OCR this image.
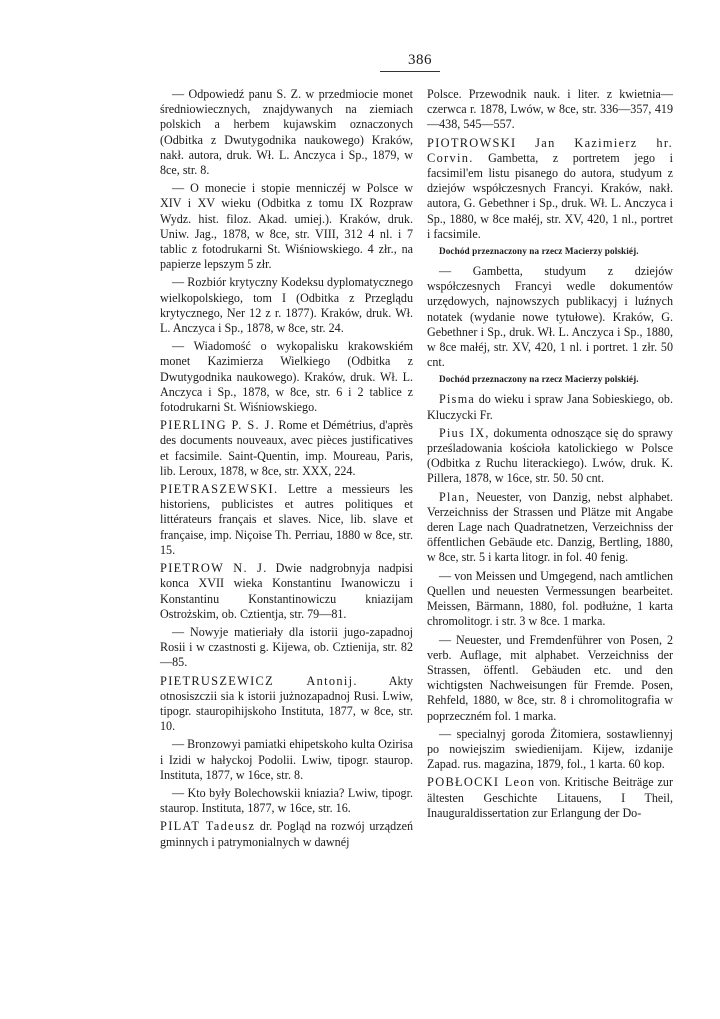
386

— Odpowiedź panu S. Z. w przedmiocie monet średniowiecznych, znajdywanych na ziemiach polskich a herbem kujawskim oznaczonych (Odbitka z Dwutygodnika naukowego) Kraków, nakł. autora, druk. Wł. L. Anczyca i Sp., 1879, w 8ce, str. 8.

— O monecie i stopie menniczéj w Polsce w XIV i XV wieku (Odbitka z tomu IX Rozpraw Wydz. hist. filoz. Akad. umiej.). Kraków, druk. Uniw. Jag., 1878, w 8ce, str. VIII, 312 4 nl. i 7 tablic z fotodrukarni St. Wiśniowskiego. 4 złr., na papierze lepszym 5 złr.

— Rozbiór krytyczny Kodeksu dyplomatycznego wielkopolskiego, tom I (Odbitka z Przeglądu krytycznego, Ner 12 z r. 1877). Kraków, druk. Wł. L. Anczyca i Sp., 1878, w 8ce, str. 24.

— Wiadomość o wykopalisku krakowskiém monet Kazimierza Wielkiego (Odbitka z Dwutygodnika naukowego). Kraków, druk. Wł. L. Anczyca i Sp., 1878, w 8ce, str. 6 i 2 tablice z fotodrukarni St. Wiśniowskiego.

PIERLING P. S. J. Rome et Démétrius, d'après des documents nouveaux, avec pièces justificatives et facsimile. Saint-Quentin, imp. Moureau, Paris, lib. Leroux, 1878, w 8ce, str. XXX, 224.

PIETRASZEWSKI. Lettre a messieurs les historiens, publicistes et autres politiques et littérateurs français et slaves. Nice, lib. slave et française, imp. Niçoise Th. Perriau, 1880 w 8ce, str. 15.

PIETROW N. J. Dwie nadgrobnyja nadpisi konca XVII wieka Konstantinu Iwanowiczu i Konstantinu Konstantinowiczu kniazijam Ostrożskim, ob. Cztientja, str. 79—81.

— Nowyje matieriały dla istorii jugo-zapadnoj Rosii i w czastnosti g. Kijewa, ob. Cztienija, str. 82—85.

PIETRUSZEWICZ Antonij. Akty otnosiszczii sia k istorii jużnozapadnoj Rusi. Lwiw, tipogr. stauropihijskoho Instituta, 1877, w 8ce, str. 10.

— Bronzowyi pamiatki ehipetskoho kulta Ozirisa i Izidi w hałyckoj Podolii. Lwiw, tipogr. staurop. Instituta, 1877, w 16ce, str. 8.

— Kto były Bolechowskii kniazia? Lwiw, tipogr. staurop. Instituta, 1877, w 16ce, str. 16.

PILAT Tadeusz dr. Pogląd na rozwój urządzeń gminnych i patrymonialnych w dawnéj

Polsce. Przewodnik nauk. i liter. z kwietnia—czerwca r. 1878, Lwów, w 8ce, str. 336—357, 419—438, 545—557.

PIOTROWSKI Jan Kazimierz hr. Corvin. Gambetta, z portretem jego i facsimil'em listu pisanego do autora, studyum z dziejów współczesnych Francyi. Kraków, nakł. autora, G. Gebethner i Sp., druk. Wł. L. Anczyca i Sp., 1880, w 8ce małéj, str. XV, 420, 1 nl., portret i facsimile.

Dochód przeznaczony na rzecz Macierzy polskiéj.

— Gambetta, studyum z dziejów współczesnych Francyi wedle dokumentów urzędowych, najnowszych publikacyj i luźnych notatek (wydanie nowe tytułowe). Kraków, G. Gebethner i Sp., druk. Wł. L. Anczyca i Sp., 1880, w 8ce małéj, str. XV, 420, 1 nl. i portret. 1 złr. 50 cnt.

Dochód przeznaczony na rzecz Macierzy polskiéj.

Pisma do wieku i spraw Jana Sobieskiego, ob. Kluczycki Fr.

Pius IX, dokumenta odnoszące się do sprawy prześladowania kościoła katolickiego w Polsce (Odbitka z Ruchu literackiego). Lwów, druk. K. Pillera, 1878, w 16ce, str. 50. 50 cnt.

Plan, Neuester, von Danzig, nebst alphabet. Verzeichniss der Strassen und Plätze mit Angabe deren Lage nach Quadratnetzen, Verzeichniss der öffentlichen Gebäude etc. Danzig, Bertling, 1880, w 8ce, str. 5 i karta litogr. in fol. 40 fenig.

— von Meissen und Umgegend, nach amtlichen Quellen und neuesten Vermessungen bearbeitet. Meissen, Bärmann, 1880, fol. podłużne, 1 karta chromolitogr. i str. 3 w 8ce. 1 marka.

— Neuester, und Fremdenführer von Posen, 2 verb. Auflage, mit alphabet. Verzeichniss der Strassen, öffentl. Gebäuden etc. und den wichtigsten Nachweisungen für Fremde. Posen, Rehfeld, 1880, w 8ce, str. 8 i chromolitografia w poprzeczném fol. 1 marka.

— specialnyj goroda Żitomiera, sostawliennyj po nowiejszim swiedienijam. Kijew, izdanije Zapad. rus. magazina, 1879, fol., 1 karta. 60 kop.

POBŁOCKI Leon von. Kritische Beiträge zur ältesten Geschichte Litauens, I Theil, Inauguraldissertation zur Erlangung der Do-
